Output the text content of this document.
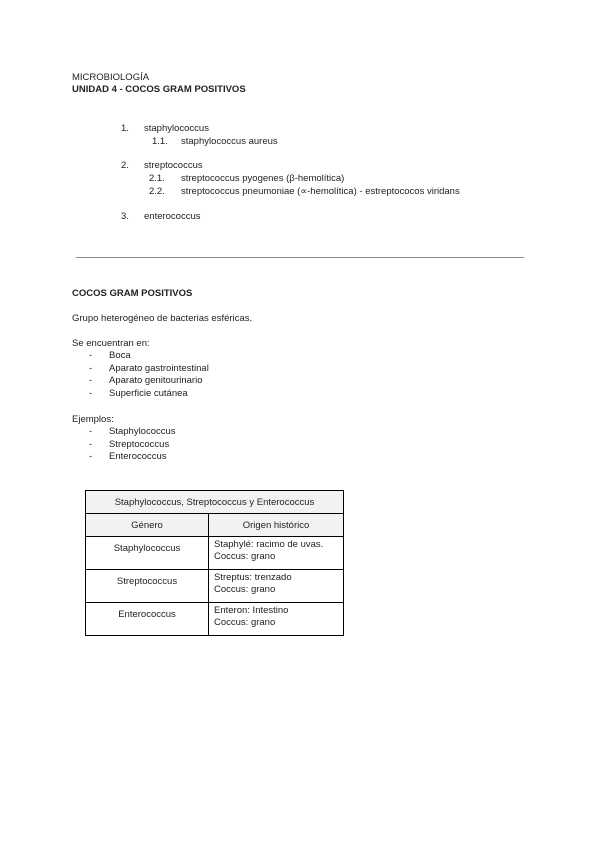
MICROBIOLOGÍA
UNIDAD 4 - COCOS GRAM POSITIVOS
1. staphylococcus
1.1. staphylococcus aureus
2. streptococcus
2.1. streptococcus pyogenes (β-hemolítica)
2.2. streptococcus pneumoniae (∝-hemolítica) - estreptococos viridans
3. enterococcus
COCOS GRAM POSITIVOS
Grupo heterogéneo de bacterias esféricas.
Se encuentran en:
- Boca
- Aparato gastrointestinal
- Aparato genitourinario
- Superficie cutánea
Ejemplos:
- Staphylococcus
- Streptococcus
- Enterococcus
Staphylococcus, Streptococcus y Enterococcus	
Género	Origen histórico
Staphylococcus	Staphylé: racimo de uvas.
Coccus: grano

Streptococcus	Streptus: trenzado
Coccus: grano

Enterococcus	Enteron: Intestino
Coccus: grano
